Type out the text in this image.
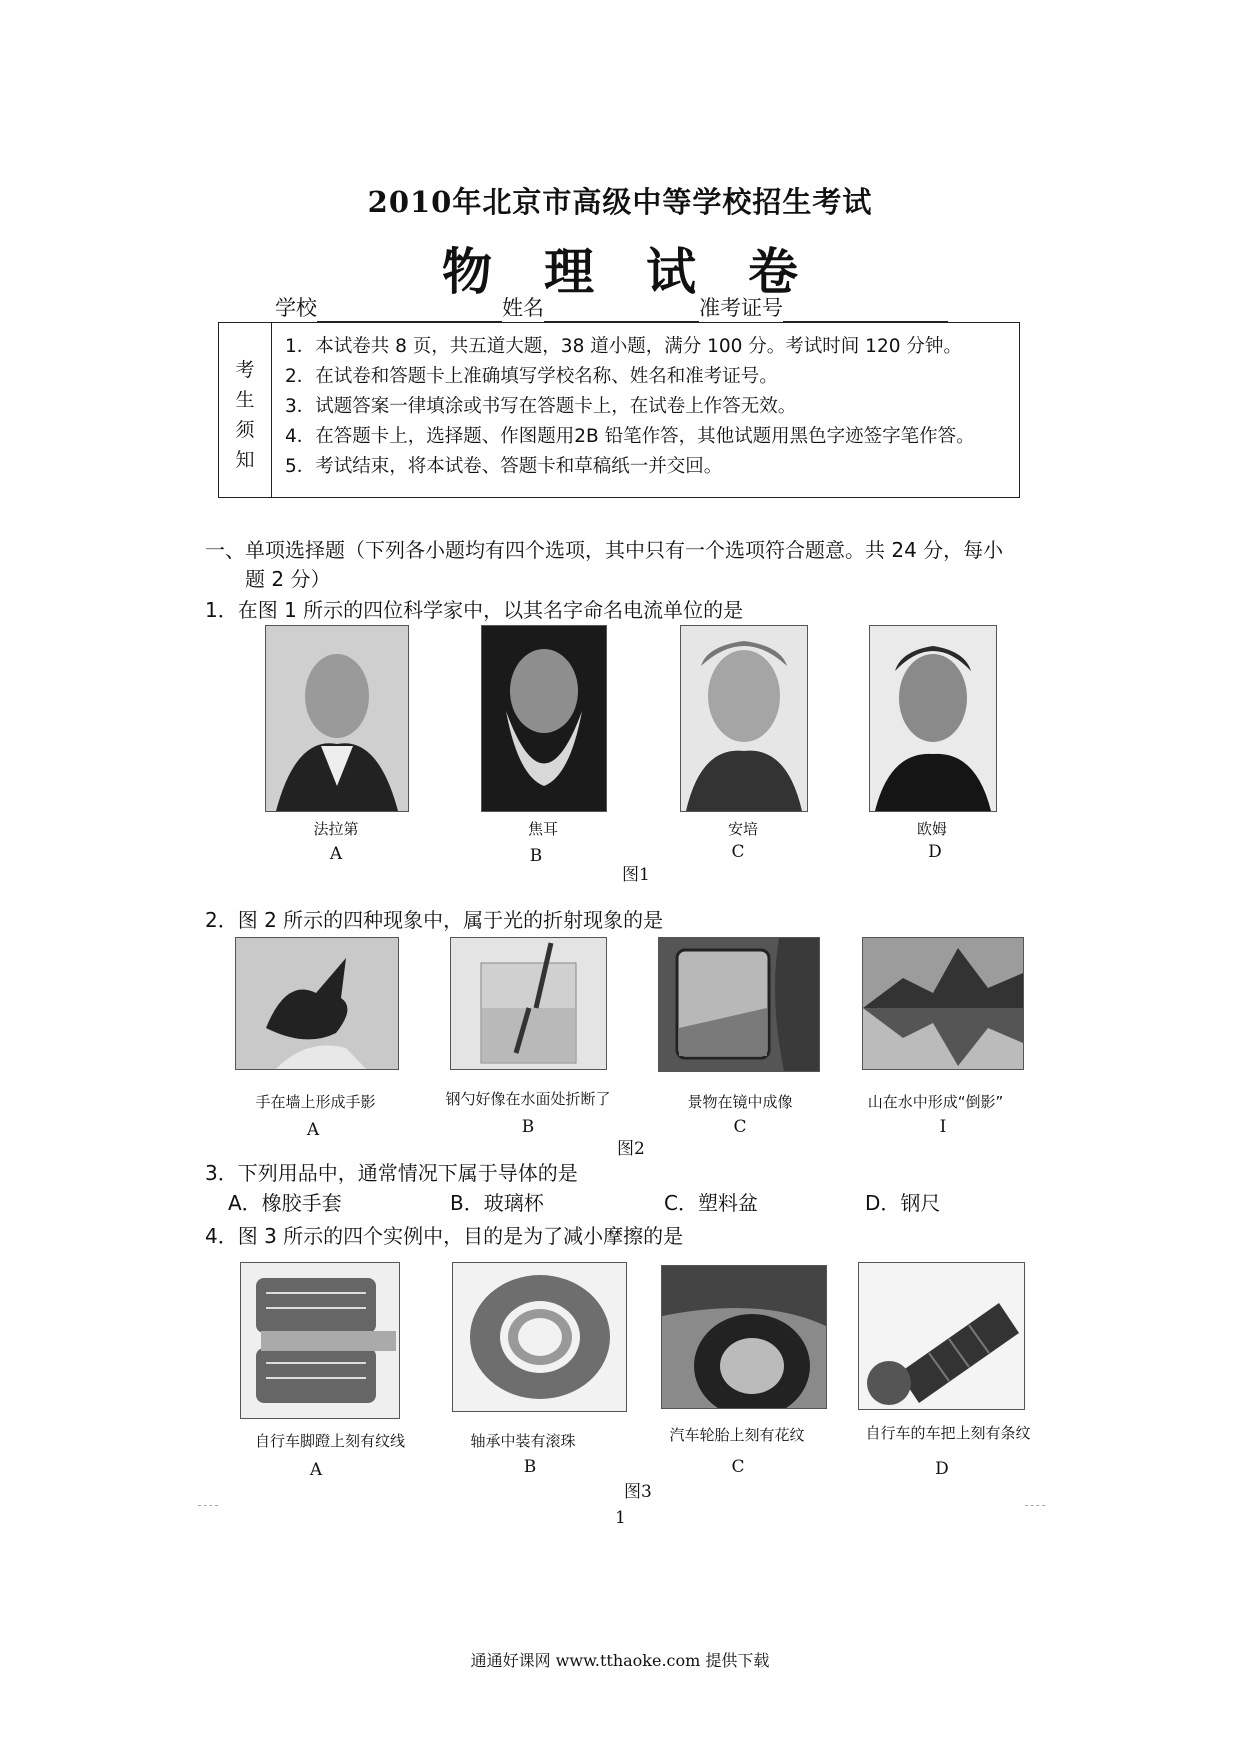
2010年北京市高级中等学校招生考试
物 理 试 卷
学校	姓名	准考证号
考
生
须
知
1．本试卷共 8 页，共五道大题，38 道小题，满分 100 分。考试时间 120 分钟。
2．在试卷和答题卡上准确填写学校名称、姓名和准考证号。
3．试题答案一律填涂或书写在答题卡上，在试卷上作答无效。
4．在答题卡上，选择题、作图题用2B 铅笔作答，其他试题用黑色字迹签字笔作答。
5．考试结束，将本试卷、答题卡和草稿纸一并交回。
一、单项选择题（下列各小题均有四个选项，其中只有一个选项符合题意。共 24 分，每小
题 2 分）
1．在图 1 所示的四位科学家中，以其名字命名电流单位的是
法拉第	焦耳	安培	欧姆
A	B	C	D
图1
2．图 2 所示的四种现象中，属于光的折射现象的是
手在墙上形成手影	钢勺好像在水面处折断了	景物在镜中成像	山在水中形成“倒影”
A	B	C	I
图2
3．下列用品中，通常情况下属于导体的是
A．橡胶手套	B．玻璃杯	C．塑料盆	D．钢尺
4．图 3 所示的四个实例中，目的是为了减小摩擦的是
自行车脚蹬上刻有纹线	轴承中装有滚珠	汽车轮胎上刻有花纹	自行车的车把上刻有条纹
A	B	C	D
图3
1
通通好课网 www.tthaoke.com 提供下载
